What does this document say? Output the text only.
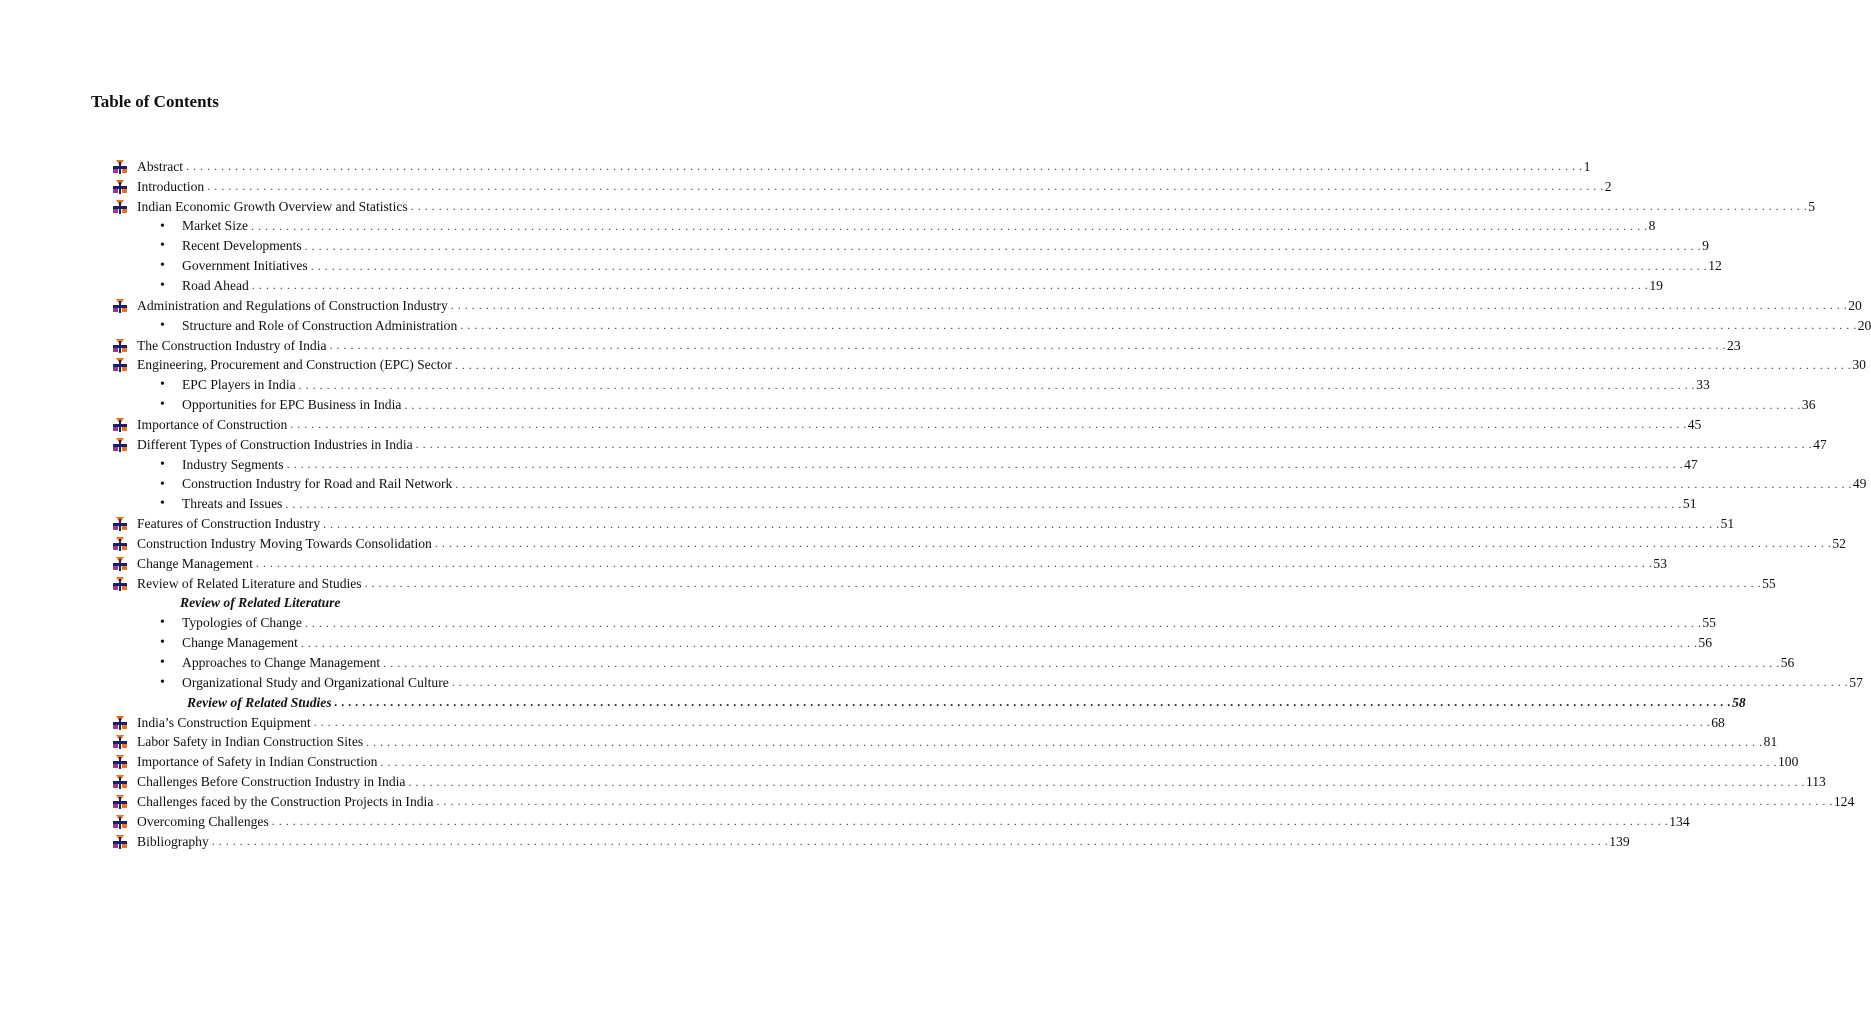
Table of Contents
Abstract . . . . . . . . . . . . . . . . . . . . . . . . . . . . . . . . . . . . . . . . . . . . . . . . . . . . . . . . . . . . . . . . . . . . . . . . . . . . . . . . . . . . . . . . . . . . . . . . . . . . . . . . . . . . . . . . . . . . . . . . . . . . . . . . . . . . . . . . . . . . . . . . . . . . . . . . . . . . . . . . . . . . . . . . . . . . . . . . . . . . . . . . . . . . . . . . . . . . . . . . 1
Introduction . . . . . . . . . . . . . . . . . . . . . . . . . . . . . . . . . . . . . . . . . . . . . . . . . . . . . . . . . . . . . . . . . . . . . . . . . . . . . . . . . . . . . . . . . . . . . . . . . . . . . . . . . . . . . . . . . . . . . . . . . . . . . . . . . . . . . . . . . . . . . . . . . . . . . . . . . . . . . . . . . . . . . . . . . . . . . . . . . . . . . . . . . . . . . . . . . . . . . . . . 2
Indian Economic Growth Overview and Statistics . . . . . . . . . . . . . . . . . . . . . . . . . . . . . . . . . . . . . . . . . . . . . . . . . . . . . . . . . . . . . . . . . . . . . . . . . . . . . . . . . . . . . . . . . . . . . . . . . . . . . . . . . . . . . . . . . . . . . . . . . . . . . . . . . . . . . . . . . . . . . . . . . . . . . . . . . . . . . . . . . . . . . . . . . . . . . . . . . . . . . . . . . . . . . . . . . . . . . . . . 5
•	Market Size . . . . . . . . . . . . . . . . . . . . . . . . . . . . . . . . . . . . . . . . . . . . . . . . . . . . . . . . . . . . . . . . . . . . . . . . . . . . . . . . . . . . . . . . . . . . . . . . . . . . . . . . . . . . . . . . . . . . . . . . . . . . . . . . . . . . . . . . . . . . . . . . . . . . . . . . . . . . . . . . . . . . . . . . . . . . . . . . . . . . . . . . . . . . . . . . . . . . . . . . 8
•	Recent Developments . . . . . . . . . . . . . . . . . . . . . . . . . . . . . . . . . . . . . . . . . . . . . . . . . . . . . . . . . . . . . . . . . . . . . . . . . . . . . . . . . . . . . . . . . . . . . . . . . . . . . . . . . . . . . . . . . . . . . . . . . . . . . . . . . . . . . . . . . . . . . . . . . . . . . . . . . . . . . . . . . . . . . . . . . . . . . . . . . . . . . . . . . . . . . . . . . . . . . . . . 9
•	Government Initiatives . . . . . . . . . . . . . . . . . . . . . . . . . . . . . . . . . . . . . . . . . . . . . . . . . . . . . . . . . . . . . . . . . . . . . . . . . . . . . . . . . . . . . . . . . . . . . . . . . . . . . . . . . . . . . . . . . . . . . . . . . . . . . . . . . . . . . . . . . . . . . . . . . . . . . . . . . . . . . . . . . . . . . . . . . . . . . . . . . . . . . . . . . . . . . . . . . . . . . . . . 12
•	Road Ahead . . . . . . . . . . . . . . . . . . . . . . . . . . . . . . . . . . . . . . . . . . . . . . . . . . . . . . . . . . . . . . . . . . . . . . . . . . . . . . . . . . . . . . . . . . . . . . . . . . . . . . . . . . . . . . . . . . . . . . . . . . . . . . . . . . . . . . . . . . . . . . . . . . . . . . . . . . . . . . . . . . . . . . . . . . . . . . . . . . . . . . . . . . . . . . . . . . . . . . . . 19
Administration and Regulations of Construction Industry . . . . . . . . . . . . . . . . . . . . . . . . . . . . . . . . . . . . . . . . . . . . . . . . . . . . . . . . . . . . . . . . . . . . . . . . . . . . . . . . . . . . . . . . . . . . . . . . . . . . . . . . . . . . . . . . . . . . . . . . . . . . . . . . . . . . . . . . . . . . . . . . . . . . . . . . . . . . . . . . . . . . . . . . . . . . . . . . . . . . . . . . . . . . . . . . . . . . . . . . 20
•	Structure and Role of Construction Administration . . . . . . . . . . . . . . . . . . . . . . . . . . . . . . . . . . . . . . . . . . . . . . . . . . . . . . . . . . . . . . . . . . . . . . . . . . . . . . . . . . . . . . . . . . . . . . . . . . . . . . . . . . . . . . . . . . . . . . . . . . . . . . . . . . . . . . . . . . . . . . . . . . . . . . . . . . . . . . . . . . . . . . . . . . . . . . . . . . . . . . . . . . . . . . . . . . . . . . . . 20
The Construction Industry of India . . . . . . . . . . . . . . . . . . . . . . . . . . . . . . . . . . . . . . . . . . . . . . . . . . . . . . . . . . . . . . . . . . . . . . . . . . . . . . . . . . . . . . . . . . . . . . . . . . . . . . . . . . . . . . . . . . . . . . . . . . . . . . . . . . . . . . . . . . . . . . . . . . . . . . . . . . . . . . . . . . . . . . . . . . . . . . . . . . . . . . . . . . . . . . . . . . . . . . . . 23
Engineering, Procurement and Construction (EPC) Sector . . . . . . . . . . . . . . . . . . . . . . . . . . . . . . . . . . . . . . . . . . . . . . . . . . . . . . . . . . . . . . . . . . . . . . . . . . . . . . . . . . . . . . . . . . . . . . . . . . . . . . . . . . . . . . . . . . . . . . . . . . . . . . . . . . . . . . . . . . . . . . . . . . . . . . . . . . . . . . . . . . . . . . . . . . . . . . . . . . . . . . . . . . . . . . . . . . . . . . . . 30
•	EPC Players in India . . . . . . . . . . . . . . . . . . . . . . . . . . . . . . . . . . . . . . . . . . . . . . . . . . . . . . . . . . . . . . . . . . . . . . . . . . . . . . . . . . . . . . . . . . . . . . . . . . . . . . . . . . . . . . . . . . . . . . . . . . . . . . . . . . . . . . . . . . . . . . . . . . . . . . . . . . . . . . . . . . . . . . . . . . . . . . . . . . . . . . . . . . . . . . . . . . . . . . . . 33
•	Opportunities for EPC Business in India . . . . . . . . . . . . . . . . . . . . . . . . . . . . . . . . . . . . . . . . . . . . . . . . . . . . . . . . . . . . . . . . . . . . . . . . . . . . . . . . . . . . . . . . . . . . . . . . . . . . . . . . . . . . . . . . . . . . . . . . . . . . . . . . . . . . . . . . . . . . . . . . . . . . . . . . . . . . . . . . . . . . . . . . . . . . . . . . . . . . . . . . . . . . . . . . . . . . . . . . 36
Importance of Construction . . . . . . . . . . . . . . . . . . . . . . . . . . . . . . . . . . . . . . . . . . . . . . . . . . . . . . . . . . . . . . . . . . . . . . . . . . . . . . . . . . . . . . . . . . . . . . . . . . . . . . . . . . . . . . . . . . . . . . . . . . . . . . . . . . . . . . . . . . . . . . . . . . . . . . . . . . . . . . . . . . . . . . . . . . . . . . . . . . . . . . . . . . . . . . . . . . . . . . . . 45
Different Types of Construction Industries in India . . . . . . . . . . . . . . . . . . . . . . . . . . . . . . . . . . . . . . . . . . . . . . . . . . . . . . . . . . . . . . . . . . . . . . . . . . . . . . . . . . . . . . . . . . . . . . . . . . . . . . . . . . . . . . . . . . . . . . . . . . . . . . . . . . . . . . . . . . . . . . . . . . . . . . . . . . . . . . . . . . . . . . . . . . . . . . . . . . . . . . . . . . . . . . . . . . . . . . . . 47
•	Industry Segments . . . . . . . . . . . . . . . . . . . . . . . . . . . . . . . . . . . . . . . . . . . . . . . . . . . . . . . . . . . . . . . . . . . . . . . . . . . . . . . . . . . . . . . . . . . . . . . . . . . . . . . . . . . . . . . . . . . . . . . . . . . . . . . . . . . . . . . . . . . . . . . . . . . . . . . . . . . . . . . . . . . . . . . . . . . . . . . . . . . . . . . . . . . . . . . . . . . . . . . . 47
•	Construction Industry for Road and Rail Network . . . . . . . . . . . . . . . . . . . . . . . . . . . . . . . . . . . . . . . . . . . . . . . . . . . . . . . . . . . . . . . . . . . . . . . . . . . . . . . . . . . . . . . . . . . . . . . . . . . . . . . . . . . . . . . . . . . . . . . . . . . . . . . . . . . . . . . . . . . . . . . . . . . . . . . . . . . . . . . . . . . . . . . . . . . . . . . . . . . . . . . . . . . . . . . . . . . . . . . . 49
•	Threats and Issues . . . . . . . . . . . . . . . . . . . . . . . . . . . . . . . . . . . . . . . . . . . . . . . . . . . . . . . . . . . . . . . . . . . . . . . . . . . . . . . . . . . . . . . . . . . . . . . . . . . . . . . . . . . . . . . . . . . . . . . . . . . . . . . . . . . . . . . . . . . . . . . . . . . . . . . . . . . . . . . . . . . . . . . . . . . . . . . . . . . . . . . . . . . . . . . . . . . . . . . . 51
Features of Construction Industry . . . . . . . . . . . . . . . . . . . . . . . . . . . . . . . . . . . . . . . . . . . . . . . . . . . . . . . . . . . . . . . . . . . . . . . . . . . . . . . . . . . . . . . . . . . . . . . . . . . . . . . . . . . . . . . . . . . . . . . . . . . . . . . . . . . . . . . . . . . . . . . . . . . . . . . . . . . . . . . . . . . . . . . . . . . . . . . . . . . . . . . . . . . . . . . . . . . . . . . . 51
Construction Industry Moving Towards Consolidation . . . . . . . . . . . . . . . . . . . . . . . . . . . . . . . . . . . . . . . . . . . . . . . . . . . . . . . . . . . . . . . . . . . . . . . . . . . . . . . . . . . . . . . . . . . . . . . . . . . . . . . . . . . . . . . . . . . . . . . . . . . . . . . . . . . . . . . . . . . . . . . . . . . . . . . . . . . . . . . . . . . . . . . . . . . . . . . . . . . . . . . . . . . . . . . . . . . . . . . . 52
Change Management . . . . . . . . . . . . . . . . . . . . . . . . . . . . . . . . . . . . . . . . . . . . . . . . . . . . . . . . . . . . . . . . . . . . . . . . . . . . . . . . . . . . . . . . . . . . . . . . . . . . . . . . . . . . . . . . . . . . . . . . . . . . . . . . . . . . . . . . . . . . . . . . . . . . . . . . . . . . . . . . . . . . . . . . . . . . . . . . . . . . . . . . . . . . . . . . . . . . . . . . 53
Review of Related Literature and Studies . . . . . . . . . . . . . . . . . . . . . . . . . . . . . . . . . . . . . . . . . . . . . . . . . . . . . . . . . . . . . . . . . . . . . . . . . . . . . . . . . . . . . . . . . . . . . . . . . . . . . . . . . . . . . . . . . . . . . . . . . . . . . . . . . . . . . . . . . . . . . . . . . . . . . . . . . . . . . . . . . . . . . . . . . . . . . . . . . . . . . . . . . . . . . . . . . . . . . . . . 55
Review of Related Literature
•	Typologies of Change . . . . . . . . . . . . . . . . . . . . . . . . . . . . . . . . . . . . . . . . . . . . . . . . . . . . . . . . . . . . . . . . . . . . . . . . . . . . . . . . . . . . . . . . . . . . . . . . . . . . . . . . . . . . . . . . . . . . . . . . . . . . . . . . . . . . . . . . . . . . . . . . . . . . . . . . . . . . . . . . . . . . . . . . . . . . . . . . . . . . . . . . . . . . . . . . . . . . . . . . 55
•	Change Management . . . . . . . . . . . . . . . . . . . . . . . . . . . . . . . . . . . . . . . . . . . . . . . . . . . . . . . . . . . . . . . . . . . . . . . . . . . . . . . . . . . . . . . . . . . . . . . . . . . . . . . . . . . . . . . . . . . . . . . . . . . . . . . . . . . . . . . . . . . . . . . . . . . . . . . . . . . . . . . . . . . . . . . . . . . . . . . . . . . . . . . . . . . . . . . . . . . . . . . . 56
•	Approaches to Change Management . . . . . . . . . . . . . . . . . . . . . . . . . . . . . . . . . . . . . . . . . . . . . . . . . . . . . . . . . . . . . . . . . . . . . . . . . . . . . . . . . . . . . . . . . . . . . . . . . . . . . . . . . . . . . . . . . . . . . . . . . . . . . . . . . . . . . . . . . . . . . . . . . . . . . . . . . . . . . . . . . . . . . . . . . . . . . . . . . . . . . . . . . . . . . . . . . . . . . . . . 56
•	Organizational Study and Organizational Culture . . . . . . . . . . . . . . . . . . . . . . . . . . . . . . . . . . . . . . . . . . . . . . . . . . . . . . . . . . . . . . . . . . . . . . . . . . . . . . . . . . . . . . . . . . . . . . . . . . . . . . . . . . . . . . . . . . . . . . . . . . . . . . . . . . . . . . . . . . . . . . . . . . . . . . . . . . . . . . . . . . . . . . . . . . . . . . . . . . . . . . . . . . . . . . . . . . . . . . . . 57
Review of Related Studies . . . . . . . . . . . . . . . . . . . . . . . . . . . . . . . . . . . . . . . . . . . . . . . . . . . . . . . . . . . . . . . . . . . . . . . . . . . . . . . . . . . . . . . . . . . . . . . . . . . . . . . . . . . . . . . . . . . . . . . . . . . . . . . . . . . . . . . . . . . . . . . . . . . . . . . . . . . . . . . . . . . . . . . . . . . . . . . . . . . . . . . . . . . . . . . . . . . . . . . . 58
India’s Construction Equipment . . . . . . . . . . . . . . . . . . . . . . . . . . . . . . . . . . . . . . . . . . . . . . . . . . . . . . . . . . . . . . . . . . . . . . . . . . . . . . . . . . . . . . . . . . . . . . . . . . . . . . . . . . . . . . . . . . . . . . . . . . . . . . . . . . . . . . . . . . . . . . . . . . . . . . . . . . . . . . . . . . . . . . . . . . . . . . . . . . . . . . . . . . . . . . . . . . . . . . . . 68
Labor Safety in Indian Construction Sites . . . . . . . . . . . . . . . . . . . . . . . . . . . . . . . . . . . . . . . . . . . . . . . . . . . . . . . . . . . . . . . . . . . . . . . . . . . . . . . . . . . . . . . . . . . . . . . . . . . . . . . . . . . . . . . . . . . . . . . . . . . . . . . . . . . . . . . . . . . . . . . . . . . . . . . . . . . . . . . . . . . . . . . . . . . . . . . . . . . . . . . . . . . . . . . . . . . . . . . . 81
Importance of Safety in Indian Construction . . . . . . . . . . . . . . . . . . . . . . . . . . . . . . . . . . . . . . . . . . . . . . . . . . . . . . . . . . . . . . . . . . . . . . . . . . . . . . . . . . . . . . . . . . . . . . . . . . . . . . . . . . . . . . . . . . . . . . . . . . . . . . . . . . . . . . . . . . . . . . . . . . . . . . . . . . . . . . . . . . . . . . . . . . . . . . . . . . . . . . . . . . . . . . . . . . . . . . . . 100
Challenges Before Construction Industry in India . . . . . . . . . . . . . . . . . . . . . . . . . . . . . . . . . . . . . . . . . . . . . . . . . . . . . . . . . . . . . . . . . . . . . . . . . . . . . . . . . . . . . . . . . . . . . . . . . . . . . . . . . . . . . . . . . . . . . . . . . . . . . . . . . . . . . . . . . . . . . . . . . . . . . . . . . . . . . . . . . . . . . . . . . . . . . . . . . . . . . . . . . . . . . . . . . . . . . . . . 113
Challenges faced by the Construction Projects in India . . . . . . . . . . . . . . . . . . . . . . . . . . . . . . . . . . . . . . . . . . . . . . . . . . . . . . . . . . . . . . . . . . . . . . . . . . . . . . . . . . . . . . . . . . . . . . . . . . . . . . . . . . . . . . . . . . . . . . . . . . . . . . . . . . . . . . . . . . . . . . . . . . . . . . . . . . . . . . . . . . . . . . . . . . . . . . . . . . . . . . . . . . . . . . . . . . . . . . . . 124
Overcoming Challenges . . . . . . . . . . . . . . . . . . . . . . . . . . . . . . . . . . . . . . . . . . . . . . . . . . . . . . . . . . . . . . . . . . . . . . . . . . . . . . . . . . . . . . . . . . . . . . . . . . . . . . . . . . . . . . . . . . . . . . . . . . . . . . . . . . . . . . . . . . . . . . . . . . . . . . . . . . . . . . . . . . . . . . . . . . . . . . . . . . . . . . . . . . . . . . . . . . . . . . . . 134
Bibliography . . . . . . . . . . . . . . . . . . . . . . . . . . . . . . . . . . . . . . . . . . . . . . . . . . . . . . . . . . . . . . . . . . . . . . . . . . . . . . . . . . . . . . . . . . . . . . . . . . . . . . . . . . . . . . . . . . . . . . . . . . . . . . . . . . . . . . . . . . . . . . . . . . . . . . . . . . . . . . . . . . . . . . . . . . . . . . . . . . . . . . . . . . . . . . . . . . . . . . . . 139
